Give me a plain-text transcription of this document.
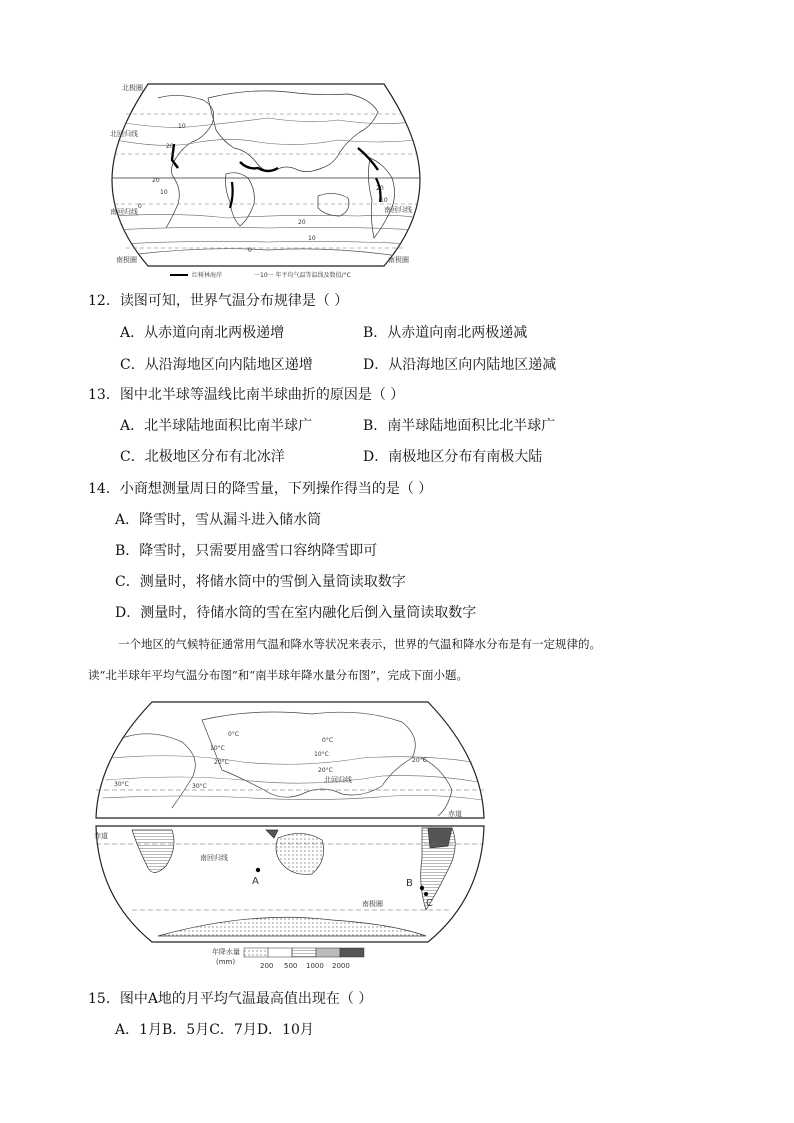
北极圈
北回归线
南回归线
南极圈
南回归线
南极圈
10
20
20
10
0
20
10
0
20
10
红树林海岸	一10一 年平均气温等温线及数值/°C
12．读图可知，世界气温分布规律是（ ）
A．从赤道向南北两极递增	B．从赤道向南北两极递减
C．从沿海地区向内陆地区递增	D．从沿海地区向内陆地区递减
13．图中北半球等温线比南半球曲折的原因是（ ）
A．北半球陆地面积比南半球广	B．南半球陆地面积比北半球广
C．北极地区分布有北冰洋	D．南极地区分布有南极大陆
14．小商想测量周日的降雪量，下列操作得当的是（ ）
A．降雪时，雪从漏斗进入储水筒
B．降雪时，只需要用盛雪口容纳降雪即可
C．测量时，将储水筒中的雪倒入量筒读取数字
D．测量时，待储水筒的雪在室内融化后倒入量筒读取数字
一个地区的气候特征通常用气温和降水等状况来表示，世界的气温和降水分布是有一定规律的。
读“北半球年平均气温分布图”和“南半球年降水量分布图”，完成下面小题。
北回归线
赤道
0°C
10°C
20°C
30°C
0°C
10°C
20°C
30°C
20°C
赤道
南回归线
南极圈
A	B
C
年降水量
(mm)	200 500 1000 2000
15．图中A地的月平均气温最高值出现在（ ）
A．1月B．5月C．7月D．10月
